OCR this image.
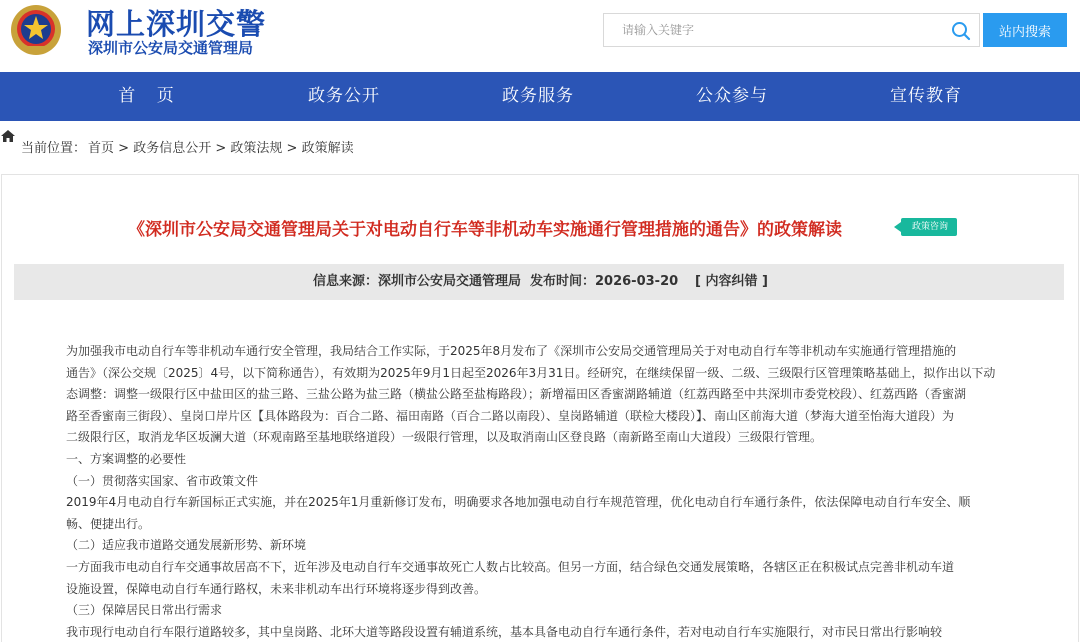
网上深圳交警
深圳市公安局交通管理局
请输入关键字
站内搜索
首 页	政务公开	政务服务	公众参与	宣传教育
当前位置： 首页 > 政务信息公开 > 政策法规 > 政策解读
《深圳市公安局交通管理局关于对电动自行车等非机动车实施通行管理措施的通告》的政策解读	政策咨询
信息来源：深圳市公安局交通管理局 发布时间：2026-03-20 [ 内容纠错 ]

为加强我市电动自行车等非机动车通行安全管理，我局结合工作实际，于2025年8月发布了《深圳市公安局交通管理局关于对电动自行车等非机动车实施通行管理措施的

通告》（深公交规〔2025〕4号，以下简称通告），有效期为2025年9月1日起至2026年3月31日。经研究，在继续保留一级、二级、三级限行区管理策略基础上，拟作出以下动

态调整：调整一级限行区中盐田区的盐三路、三盐公路为盐三路（横盐公路至盐梅路段）；新增福田区香蜜湖路辅道（红荔西路至中共深圳市委党校段）、红荔西路（香蜜湖

路至香蜜南三街段）、皇岗口岸片区【具体路段为：百合二路、福田南路（百合二路以南段）、皇岗路辅道（联检大楼段）】、南山区前海大道（梦海大道至怡海大道段）为

二级限行区，取消龙华区坂澜大道（环观南路至基地联络道段）一级限行管理，以及取消南山区登良路（南新路至南山大道段）三级限行管理。

一、方案调整的必要性

（一）贯彻落实国家、省市政策文件

2019年4月电动自行车新国标正式实施，并在2025年1月重新修订发布，明确要求各地加强电动自行车规范管理，优化电动自行车通行条件，依法保障电动自行车安全、顺

畅、便捷出行。

（二）适应我市道路交通发展新形势、新环境

一方面我市电动自行车交通事故居高不下，近年涉及电动自行车交通事故死亡人数占比较高。但另一方面，结合绿色交通发展策略，各辖区正在积极试点完善非机动车道

设施设置，保障电动自行车通行路权，未来非机动车出行环境将逐步得到改善。

（三）保障居民日常出行需求

我市现行电动自行车限行道路较多，其中皇岗路、北环大道等路段设置有辅道系统，基本具备电动自行车通行条件，若对电动自行车实施限行，对市民日常出行影响较
